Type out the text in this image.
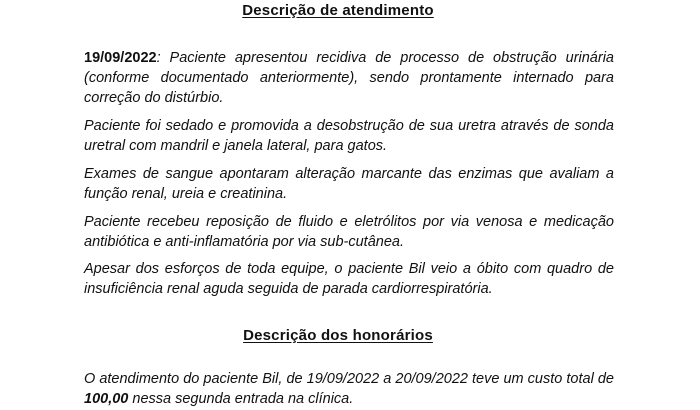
Descrição de atendimento

19/09/2022: Paciente apresentou recidiva de processo de obstrução urinária (conforme documentado anteriormente), sendo prontamente internado para correção do distúrbio.

Paciente foi sedado e promovida a desobstrução de sua uretra através de sonda uretral com mandril e janela lateral, para gatos.

Exames de sangue apontaram alteração marcante das enzimas que avaliam a função renal, ureia e creatinina.

Paciente recebeu reposição de fluido e eletrólitos por via venosa e medicação antibiótica e anti-inflamatória por via sub-cutânea.

Apesar dos esforços de toda equipe, o paciente Bil veio a óbito com quadro de insuficiência renal aguda seguida de parada cardiorrespiratória.

Descrição dos honorários

O atendimento do paciente Bil, de 19/09/2022 a 20/09/2022 teve um custo total de 100,00 nessa segunda entrada na clínica.
